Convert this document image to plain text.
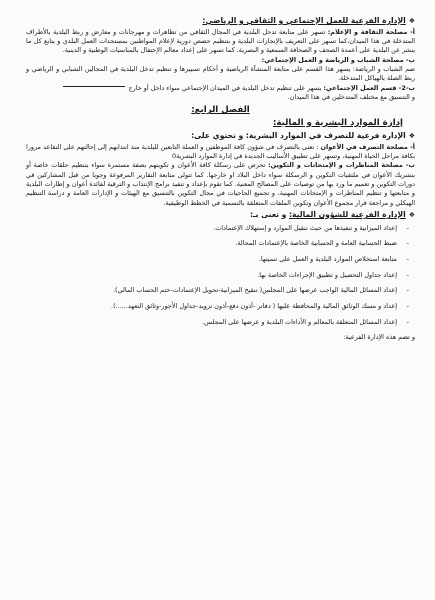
❖الإدارة الفرعية للعمل الإجتماعي و الثقافي و الرياضي:

أ- مصلحة الثقافة و الإعلام: تسهر على متابعة تدخل البلدية في المجال الثقافي من تظاهرات و مهرجانات و معارض و ربط البلدية بالأطراف المتدخلة في هذا الميدان،كما تسهر على التعريف بالإنجازات البلدية و بتنظيم حصص دورية لإعلام المواطنين بمستجدات العمل البلدي و يتابع كل ما ينشر عن البلدية على أعمدة الصحف و الصحافة السمعية و البصرية. كما تسهر على إعداد معالم الإحتفال بالمناسبات الوطنية و الدينية.

ب- مصلحة الشباب و الرياضة و العمل الإجتماعي:

ضم الشباب و الرياضة: يسهر هذا القسم على متابعة المنشآة الرياضية و أحكام تسييرها و تنظيم تدخل البلدية في المجالين الشبابي و الرياضي و ربط الصلة بالهياكل المتدخلة.

ب-2- قسم العمل الإجتماعي: يسهر على تنظيم تدخل البلدية في الميدان الإجتماعي سواء داخل أو خارج

و التنسيق مع مختلف المتدخلين في هذا الميدان.

الفصل الرابع:

إدارة الموارد البشرية و المالية:

❖الإدارة فرعية للتصرف في الموارد البشرية: و تحتوي على:

أ- مصلحة التصرف في الأعوان : تعنى بالتصرف في شؤون كافة الموظفين و العملة التابعين للبلدية منذ انتدابهم إلى إحالتهم على التقاعد مرورا بكافة مراحل الحياة المهنية، وتسهر على تطبيق الأساليب الجديدة في إدارة الموارد البشرية0

ب- مصلحة المناظرات و الإمتحانات و التكوين: تحرص على رسكلة كافة الأعوان و تكوينهم بصفة مستمرة سواء بتنظيم حلقات خاصة أو بتشريك الأعوان في ملتقيات التكوين و الرسكلة سواء داخل البلاد او خارجها. كما تتولى متابعة التقارير المرفوعة وجوبا من قبل المشاركين في دورات التكوين و تعميم ما ورد بها من توصيات على المصالح المعنية. كما تقوم بإعداد و تنفيذ برامج الإنتداب و الترقية لفائدة أعوان و إطارات البلدية و متابعتها و تنظيم المناظرات و الإمتحانات المهنية، و تجميع الحاجيات في مجال التكوين بالتنسيق مع الهيئات و الإدارات العامة و دراسة التنظيم الهيكلي و مراجعة قرار مجموع الأعوان وتكوين الملفات المتعلقة بالتسمية في الخطط الوظيفية.

❖الإدارة الفرعية للشؤون المالية: و تعنى بـ:

- إعداد الميزانية و تنفيذها من حيث تنقيل الموارد و إستهلاك الإعتمادات.
- ضبط الحسابية العامة و الحسابية الخاصة بالإعتمادات المحالة.
- متابعة استخلاص الموارد البلدية و العمل على تنميتها.
- إعداد جداول التحصيل و تطبيق الإجراءات الخاصة بها.
- إعداد المسائل المالية الواجب عرضها على المجلس( تنقيح الميزانية-تحويل الإعتمادات-ختم الحساب المالي).
- إعداد و مسك الوثائق المالية والمحافظة عليها ( دفاتر -أذون دفع-أذون تزويد-جداول الأجور-وثائق التعهد......).
- إعداد المسائل المتعلقة بالمعالم و الأداءات البلدية و عرضها على المجلس.

و تضم هذه الإدارة الفرعية:
